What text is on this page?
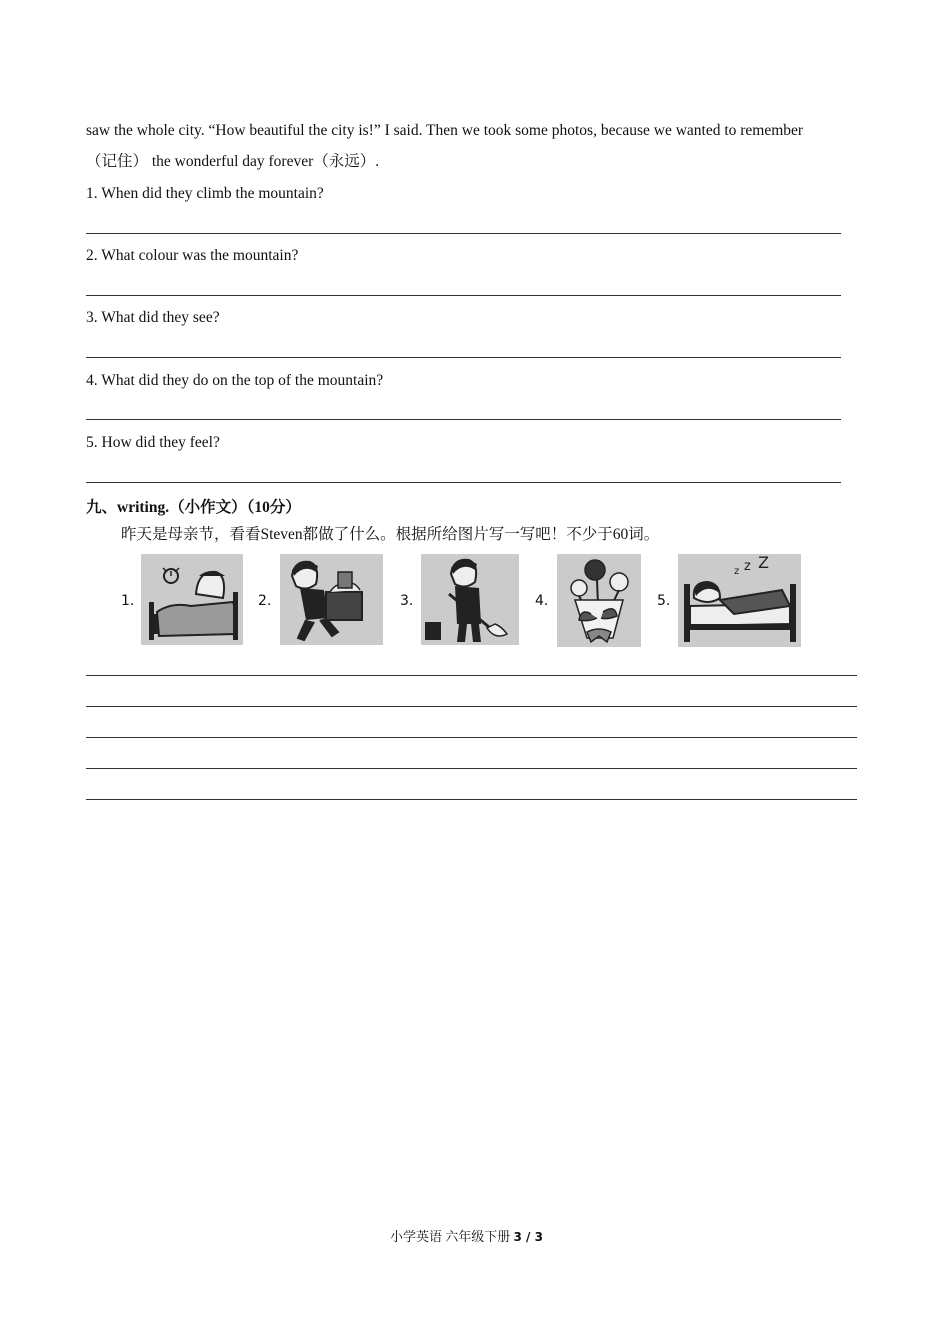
saw the whole city. “How beautiful the city is!” I said. Then we took some photos, because we wanted to remember
（记住） the wonderful day forever（永远）.
1. When did they climb the mountain?
2. What colour was the mountain?
3. What did they see?
4. What did they do on the top of the mountain?
5. How did they feel?
九、writing.（小作文）（10分）
昨天是母亲节，看看Steven都做了什么。根据所给图片写一写吧！不少于60词。
1.	2.	3.	4.	5.
z z Z
小学英语 六年级下册 3 / 3
